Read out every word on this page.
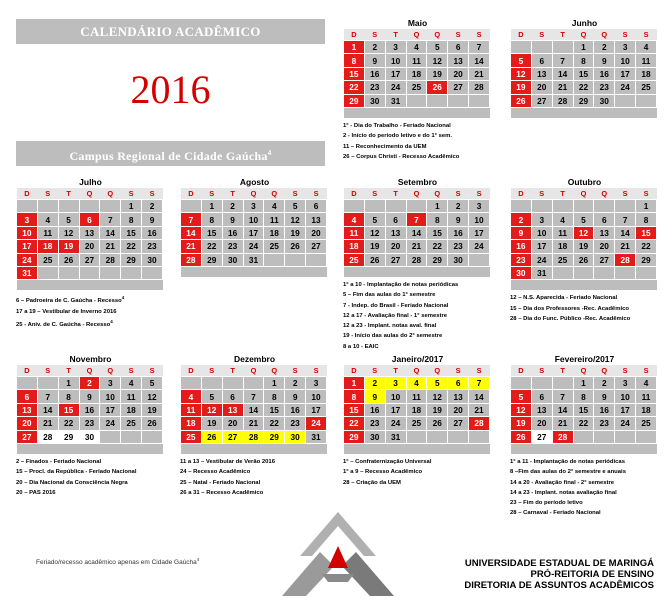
CALENDÁRIO ACADÊMICO
2016
Campus Regional de Cidade Gaúcha$^4$
Maio
D	S	T	Q	Q	S	S
1	2	3	4	5	6	7
8	9	10	11	12	13	14
15	16	17	18	19	20	21
22	23	24	25	26	27	28
29	30	31				

1° - Dia do Trabalho - Feriado Nacional
2 - Início do período letivo e do 1° sem.
11 – Reconhecimento da UEM
26 – Corpus Christi - Recesso Acadêmico
Junho
D	S	T	Q	Q	S	S
			1	2	3	4
5	6	7	8	9	10	11
12	13	14	15	16	17	18
19	20	21	22	23	24	25
26	27	28	29	30		

Julho
D	S	T	Q	Q	S	S
					1	2
3	4	5	6	7	8	9
10	11	12	13	14	15	16
17	18	19	20	21	22	23
24	25	26	27	28	29	30
31						

6 – Padroeira de C. Gaúcha - Recesso$^4$
17 a 19 – Vestibular de Inverno 2016
25 - Aniv. de C. Gaúcha - Recesso$^4$
Agosto
D	S	T	Q	Q	S	S
	1	2	3	4	5	6
7	8	9	10	11	12	13
14	15	16	17	18	19	20
21	22	23	24	25	26	27
28	29	30	31			

Setembro
D	S	T	Q	Q	S	S
				1	2	3
4	5	6	7	8	9	10
11	12	13	14	15	16	17
18	19	20	21	22	23	24
25	26	27	28	29	30	

1° a 10 - Implantação de notas periódicas
5 – Fim das aulas do 1° semestre
7 - Indep. do Brasil - Feriado Nacional
12 a 17 - Avaliação final - 1° semestre
12 a 23 - Implant. notas aval. final
19 - Início das aulas do 2° semestre
8 a 10 - EAIC
Outubro
D	S	T	Q	Q	S	S
						1
2	3	4	5	6	7	8
9	10	11	12	13	14	15
16	17	18	19	20	21	22
23	24	25	26	27	28	29
30	31					

12 – N.S. Aparecida - Feriado Nacional
15 – Dia dos Professores -Rec. Acadêmico
28 – Dia do Func. Público -Rec. Acadêmico
Novembro
D	S	T	Q	Q	S	S
		1	2	3	4	5
6	7	8	9	10	11	12
13	14	15	16	17	18	19
20	21	22	23	24	25	26
27	28	29	30			

2 – Finados - Feriado Nacional
15 – Procl. da República - Feriado Nacional
20 – Dia Nacional da Consciência Negra
20 – PAS 2016
Dezembro
D	S	T	Q	Q	S	S
				1	2	3
4	5	6	7	8	9	10
11	12	13	14	15	16	17
18	19	20	21	22	23	24
25	26	27	28	29	30	31

11 a 13 – Vestibular de Verão 2016
24 – Recesso Acadêmico
25 – Natal - Feriado Nacional
26 a 31 – Recesso Acadêmico
Janeiro/2017
D	S	T	Q	Q	S	S
1	2	3	4	5	6	7
8	9	10	11	12	13	14
15	16	17	18	19	20	21
22	23	24	25	26	27	28
29	30	31				

1° – Confraternização Universal
1° a 9 – Recesso Acadêmico
28 – Criação da UEM
Fevereiro/2017
D	S	T	Q	Q	S	S
			1	2	3	4
5	6	7	8	9	10	11
12	13	14	15	16	17	18
19	20	21	22	23	24	25
26	27	28				

1° a 11 - Implantação de notas periódicas
8 –Fim das aulas do 2° semestre e anuais
14 a 20 - Avaliação final - 2° semestre
14 a 23 - Implant. notas avaliação final
23 – Fim do período letivo
28 – Carnaval - Feriado Nacional
Feriado/recesso acadêmico apenas em Cidade Gaúcha$^4$	UNIVERSIDADE ESTADUAL DE MARINGÁ
PRÓ-REITORIA DE ENSINO
DIRETORIA DE ASSUNTOS ACADÊMICOS
